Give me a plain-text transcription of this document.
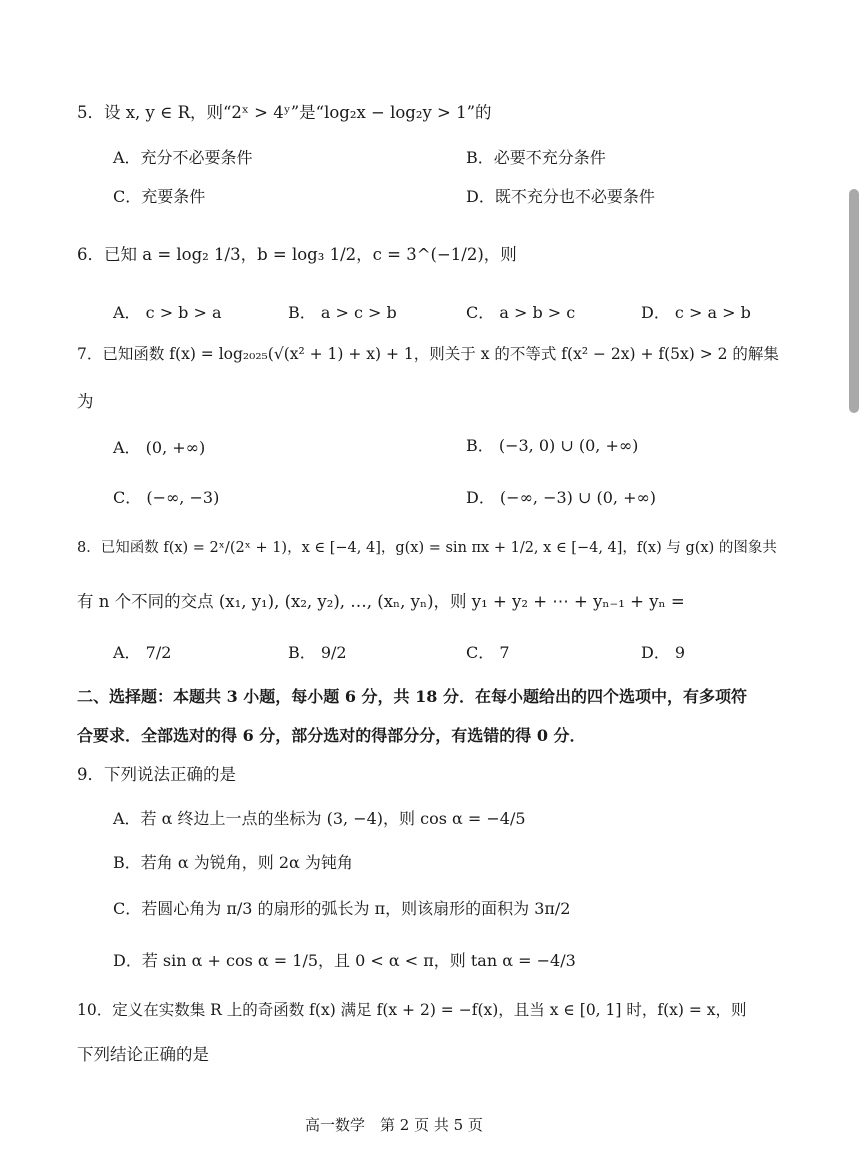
5．设 x, y ∈ R，则“2ˣ > 4ʸ”是“log₂x − log₂y > 1”的
A．充分不必要条件	B．必要不充分条件
C．充要条件	D．既不充分也不必要条件
6．已知 a = log₂ 1/3，b = log₃ 1/2，c = 3^(−1/2)，则
A． c > b > a	B． a > c > b	C． a > b > c	D． c > a > b
7．已知函数 f(x) = log₂₀₂₅(√(x² + 1) + x) + 1，则关于 x 的不等式 f(x² − 2x) + f(5x) > 2 的解集
为
A． (0, +∞)	B． (−3, 0) ∪ (0, +∞)
C． (−∞, −3)	D． (−∞, −3) ∪ (0, +∞)
8．已知函数 f(x) = 2ˣ/(2ˣ + 1)，x ∈ [−4, 4]，g(x) = sin πx + 1/2, x ∈ [−4, 4]，f(x) 与 g(x) 的图象共
有 n 个不同的交点 (x₁, y₁), (x₂, y₂), …, (xₙ, yₙ)，则 y₁ + y₂ + ⋯ + yₙ₋₁ + yₙ =
A． 7/2	B． 9/2	C． 7	D． 9
二、选择题：本题共 3 小题，每小题 6 分，共 18 分．在每小题给出的四个选项中，有多项符
合要求．全部选对的得 6 分，部分选对的得部分分，有选错的得 0 分．
9．下列说法正确的是
A．若 α 终边上一点的坐标为 (3, −4)，则 cos α = −4/5
B．若角 α 为锐角，则 2α 为钝角
C．若圆心角为 π/3 的扇形的弧长为 π，则该扇形的面积为 3π/2
D．若 sin α + cos α = 1/5，且 0 < α < π，则 tan α = −4/3
10．定义在实数集 R 上的奇函数 f(x) 满足 f(x + 2) = −f(x)，且当 x ∈ [0, 1] 时，f(x) = x，则
下列结论正确的是
高一数学　第 2 页 共 5 页
